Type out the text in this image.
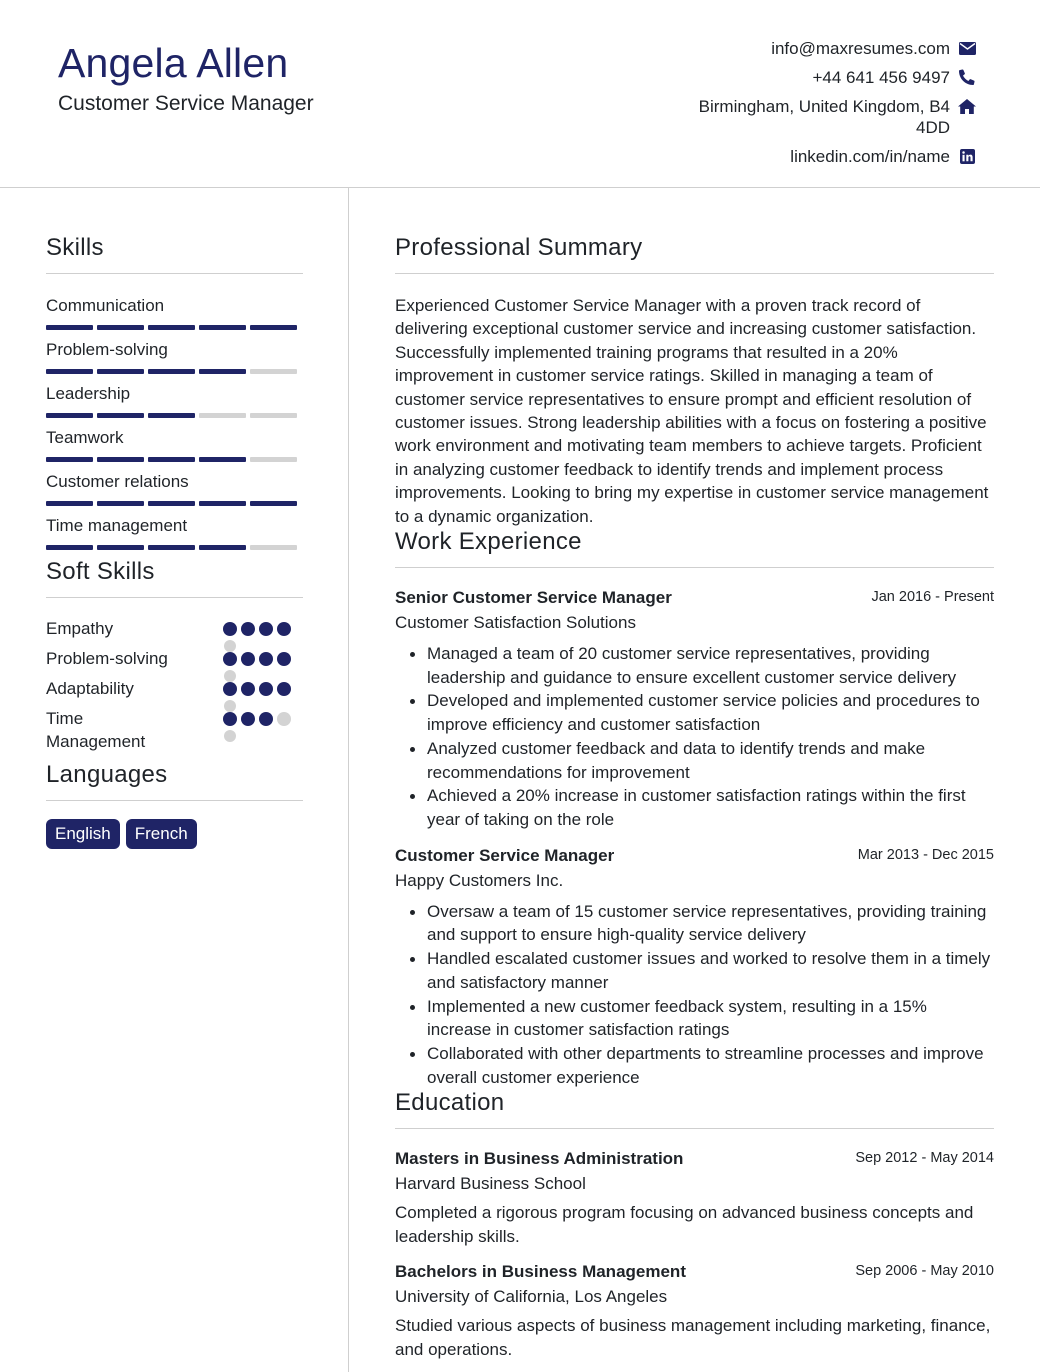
Angela Allen
Customer Service Manager
info@maxresumes.com
+44 641 456 9497
Birmingham, United Kingdom, B4 4DD
linkedin.com/in/name
Skills
Communication
Problem-solving
Leadership
Teamwork
Customer relations
Time management
Soft Skills
Empathy
Problem-solving
Adaptability
Time Management
Languages
English	French
Professional Summary
Experienced Customer Service Manager with a proven track record of delivering exceptional customer service and increasing customer satisfaction. Successfully implemented training programs that resulted in a 20% improvement in customer service ratings. Skilled in managing a team of customer service representatives to ensure prompt and efficient resolution of customer issues. Strong leadership abilities with a focus on fostering a positive work environment and motivating team members to achieve targets. Proficient in analyzing customer feedback to identify trends and implement process improvements. Looking to bring my expertise in customer service management to a dynamic organization.
Work Experience
Senior Customer Service Manager	Jan 2016 - Present
Customer Satisfaction Solutions
Managed a team of 20 customer service representatives, providing leadership and guidance to ensure excellent customer service delivery
Developed and implemented customer service policies and procedures to improve efficiency and customer satisfaction
Analyzed customer feedback and data to identify trends and make recommendations for improvement
Achieved a 20% increase in customer satisfaction ratings within the first year of taking on the role
Customer Service Manager	Mar 2013 - Dec 2015
Happy Customers Inc.
Oversaw a team of 15 customer service representatives, providing training and support to ensure high-quality service delivery
Handled escalated customer issues and worked to resolve them in a timely and satisfactory manner
Implemented a new customer feedback system, resulting in a 15% increase in customer satisfaction ratings
Collaborated with other departments to streamline processes and improve overall customer experience
Education
Masters in Business Administration	Sep 2012 - May 2014
Harvard Business School
Completed a rigorous program focusing on advanced business concepts and leadership skills.
Bachelors in Business Management	Sep 2006 - May 2010
University of California, Los Angeles
Studied various aspects of business management including marketing, finance, and operations.
